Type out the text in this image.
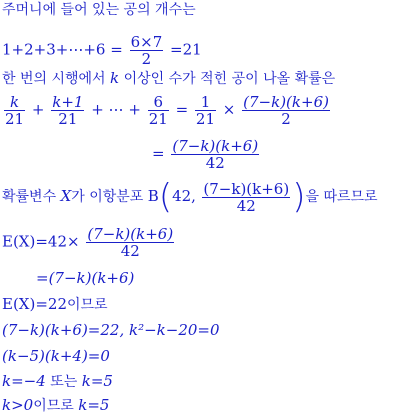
주머니에 들어 있는 공의 개수는
1+2+3+⋯+6 = $\frac{6\times 7}{2} =21$
한 번의 시행에서 k 이상인 수가 적힌 공이 나올 확률은
$\frac{k}{21} + \frac{k+1}{21}$ + ⋯ + $\frac{6}{21} = \frac{1}{21} \times \frac{(7-k)(k+6)}{2}$
= $\frac{(7-k)(k+6)}{42}$
확률변수 X가 이항분포 B(42, $\frac{(7-k)(k+6)}{42}$ )을 따르므로
$E(X)=42\times \frac{(7-k)(k+6)}{42}$
=(7−k)(k+6)
E(X)=22이므로
(7−k)(k+6)=22, k²−k−20=0
(k−5)(k+4)=0
k=−4 또는 k=5
k>0이므로 k=5
